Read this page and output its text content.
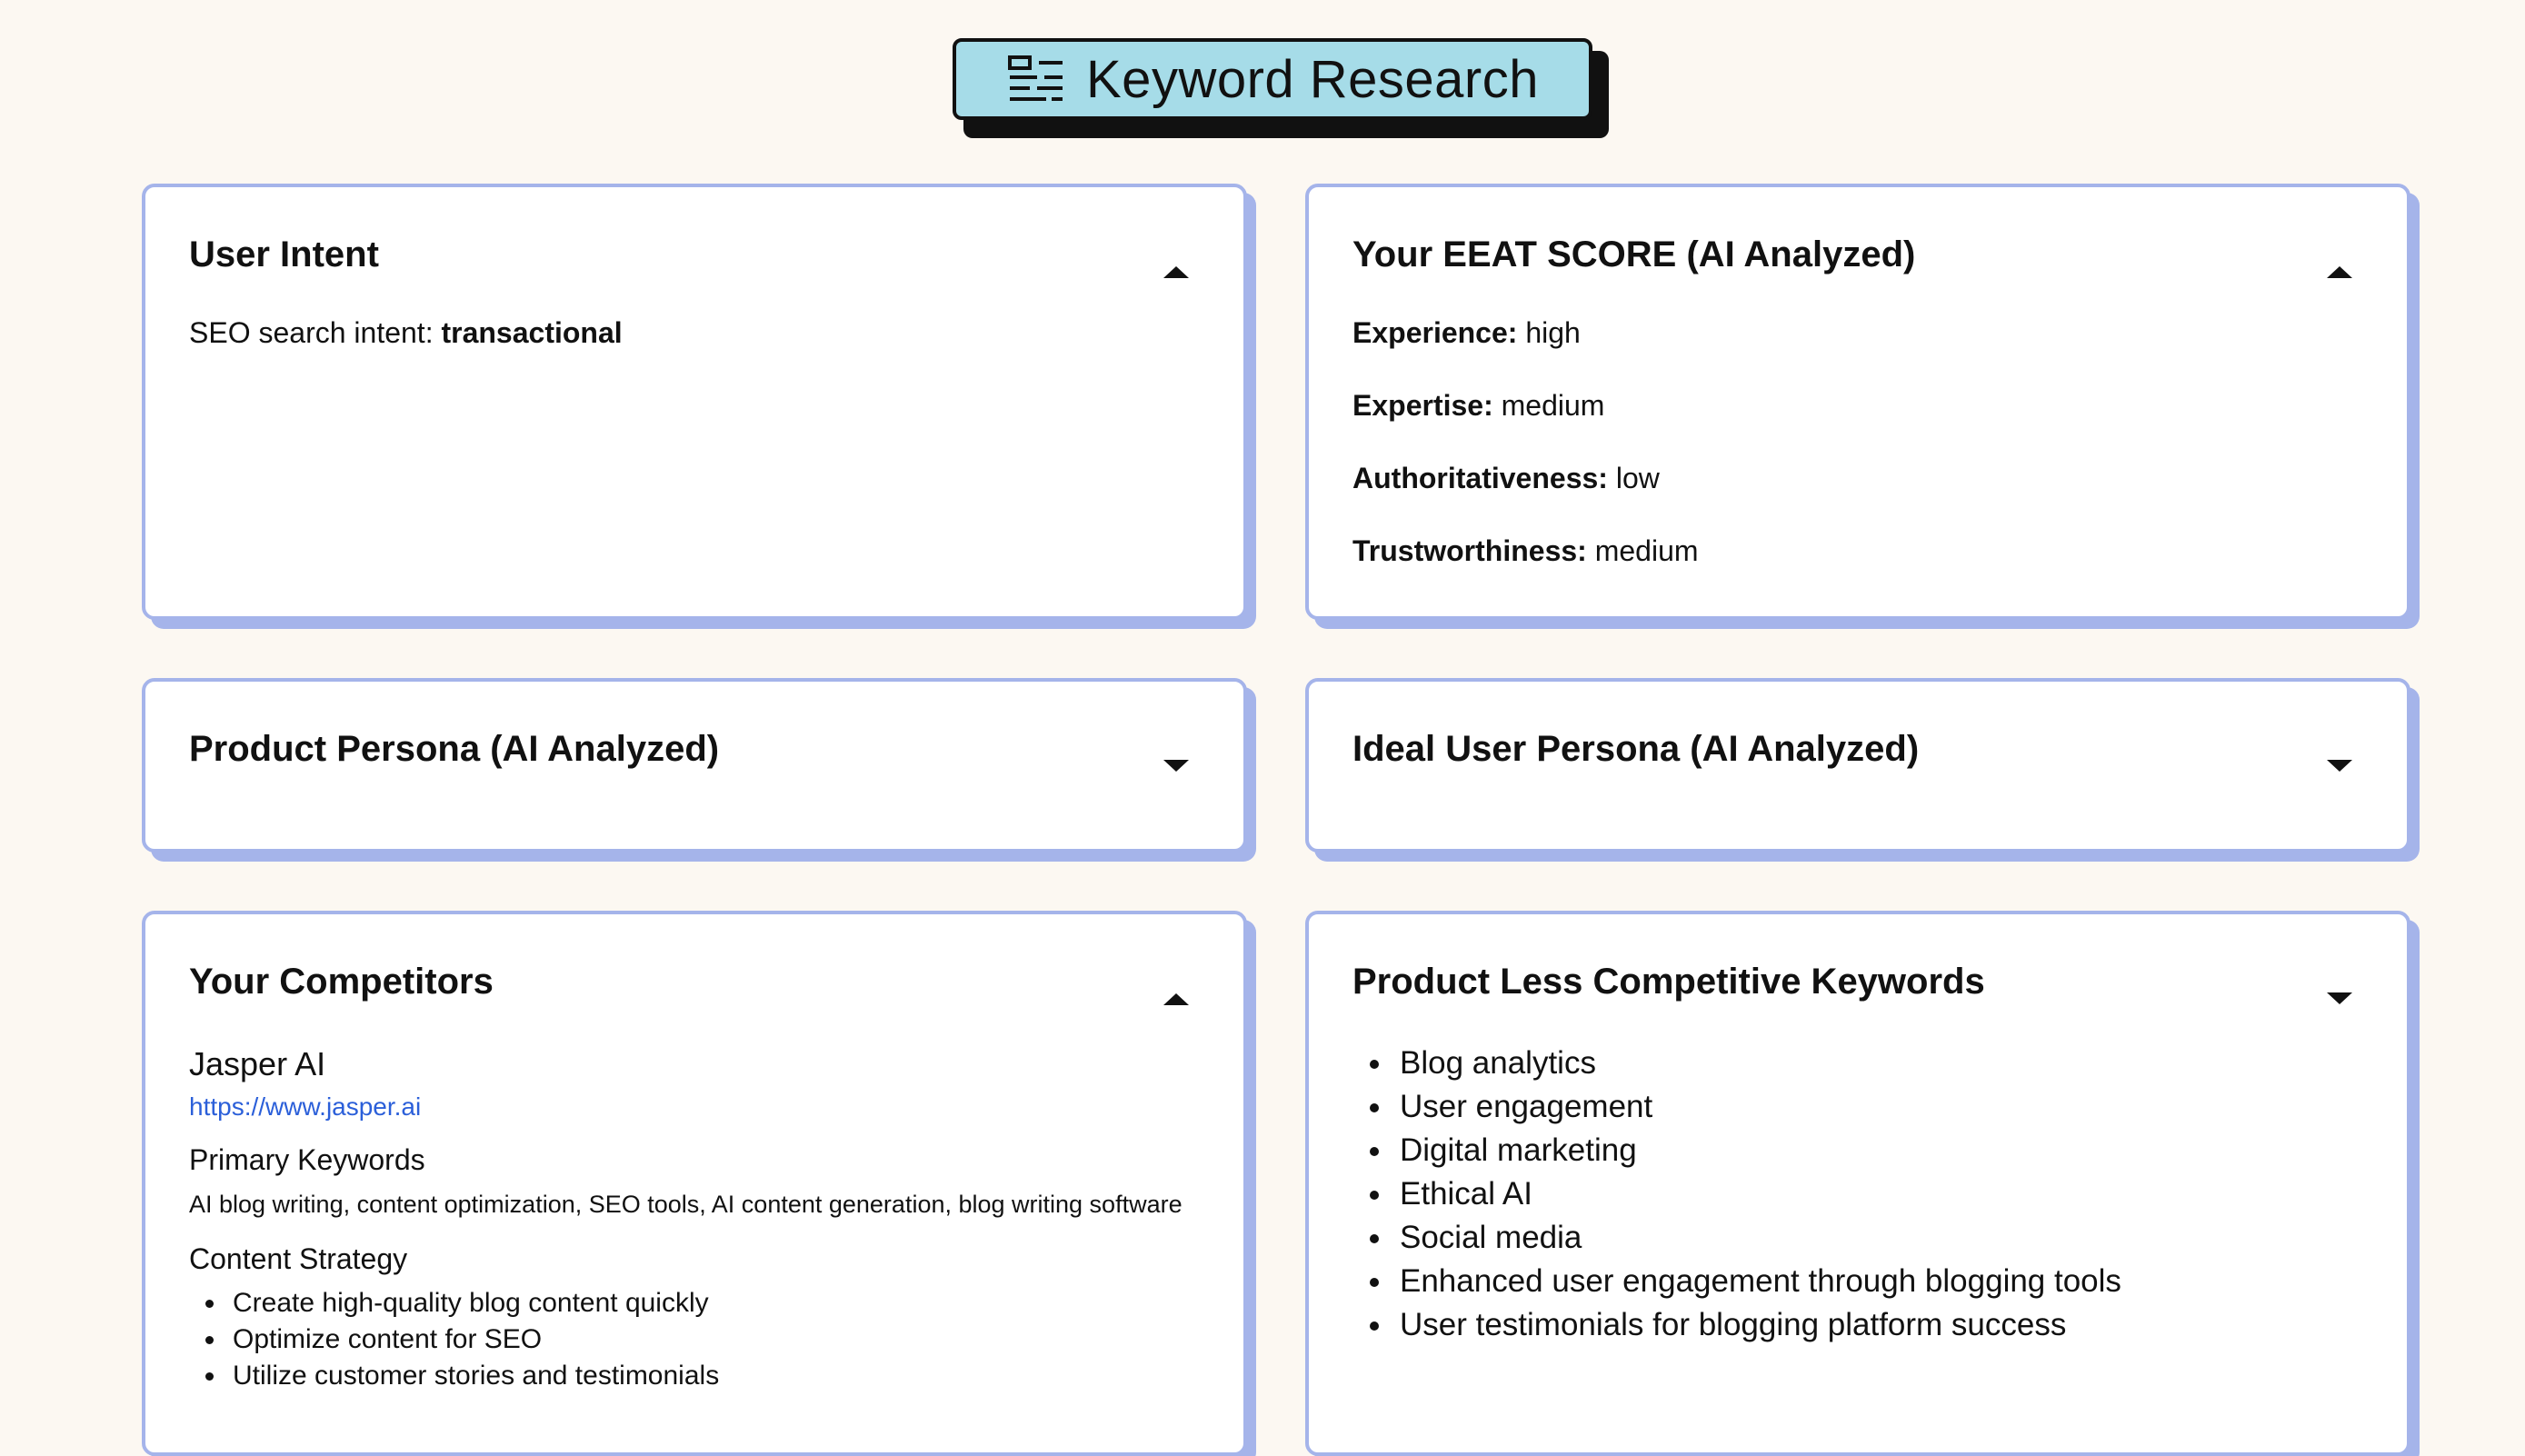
Keyword Research
User Intent

SEO search intent: transactional

Your EEAT SCORE (AI Analyzed)

Experience: high

Expertise: medium

Authoritativeness: low

Trustworthiness: medium

Product Persona (AI Analyzed)	Ideal User Persona (AI Analyzed)
Your Competitors

Jasper AI

https://www.jasper.ai

Primary Keywords

AI blog writing, content optimization, SEO tools, AI content generation, blog writing software

Content Strategy

• Create high-quality blog content quickly
• Optimize content for SEO
• Utilize customer stories and testimonials
Product Less Competitive Keywords
• Blog analytics
• User engagement
• Digital marketing
• Ethical AI
• Social media
• Enhanced user engagement through blogging tools
• User testimonials for blogging platform success
